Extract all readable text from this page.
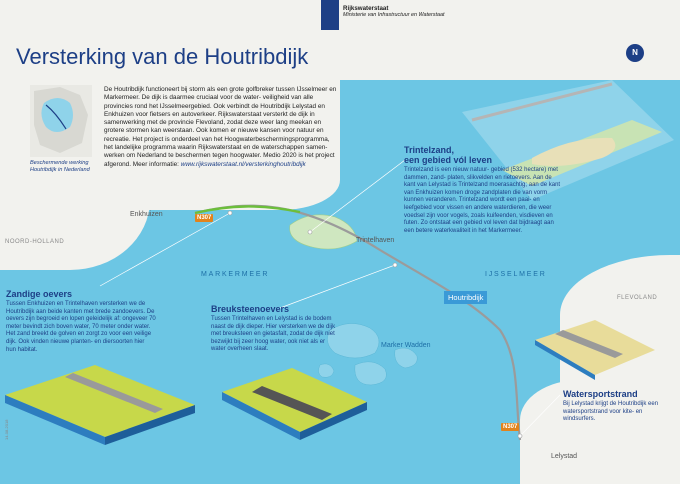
Rijkswaterstaat
Ministerie van Infrastructuur en Waterstaat
N
Versterking van de Houtribdijk
Beschermende werking Houtribdijk in Nederland
De Houtribdijk functioneert bij storm als een grote golfbreker tussen IJsselmeer en Markermeer. De dijk is daarmee cruciaal voor de water- veiligheid van alle provincies rond het IJsselmeergebied. Ook verbindt de Houtribdijk Lelystad en Enkhuizen voor fietsers en autoverkeer. Rijkswaterstaat versterkt de dijk in samenwerking met de provincie Flevoland, zodat deze weer lang meekan en grotere stormen kan weerstaan. Ook komen er nieuwe kansen voor natuur en recreatie. Het project is onderdeel van het Hoogwaterbeschermingsprogramma, het landelijke programma waarin Rijkswaterstaat en de waterschappen samen- werken om Nederland te beschermen tegen hoogwater. Medio 2020 is het project afgerond. Meer informatie: www.rijkswaterstaat.nl/versterkinghoutribdijk
Trintelzand,
een gebied vól leven
Trintelzand is een nieuw natuur- gebied (532 hectare) met dammen, zand- platen, slikvelden en rietoevers. Aan de kant van Lelystad is Trintelzand moerasachtig; aan de kant van Enkhuizen komen droge zandplaten die van vorm kunnen veranderen. Trintelzand wordt een paai- en leefgebied voor vissen en andere waterdieren, die weer voedsel zijn voor vogels, zoals kuifeenden, visdieven en futen. Zo ontstaat een gebied vol leven dat bijdraagt aan een betere waterkwaliteit in het Markermeer.
Zandige oevers
Tussen Enkhuizen en Trintelhaven versterken we de Houtribdijk aan beide kanten met brede zandoevers. De oevers zijn begroeid en lopen geleidelijk af: ongeveer 70 meter bevindt zich boven water, 70 meter onder water. Het zand breekt de golven en zorgt zo voor een veilige dijk. Ook vinden nieuwe planten- en diersoorten hier hun habitat.
Breuksteenoevers
Tussen Trintelhaven en Lelystad is de bodem naast de dijk dieper. Hier versterken we de dijk met breuksteen en gietasfalt, zodat de dijk niet bezwijkt bij zeer hoog water, ook niet als er water overheen slaat.
Watersportstrand
Bij Lelystad krijgt de Houtribdijk een watersportstrand voor kite- en windsurfers.
NOORD-HOLLAND
FLEVOLAND
MARKERMEER	IJSSELMEER
Enkhuizen
Trintelhaven
Lelystad
Marker Wadden
N307
N307
Houtribdijk
14-08-2018
